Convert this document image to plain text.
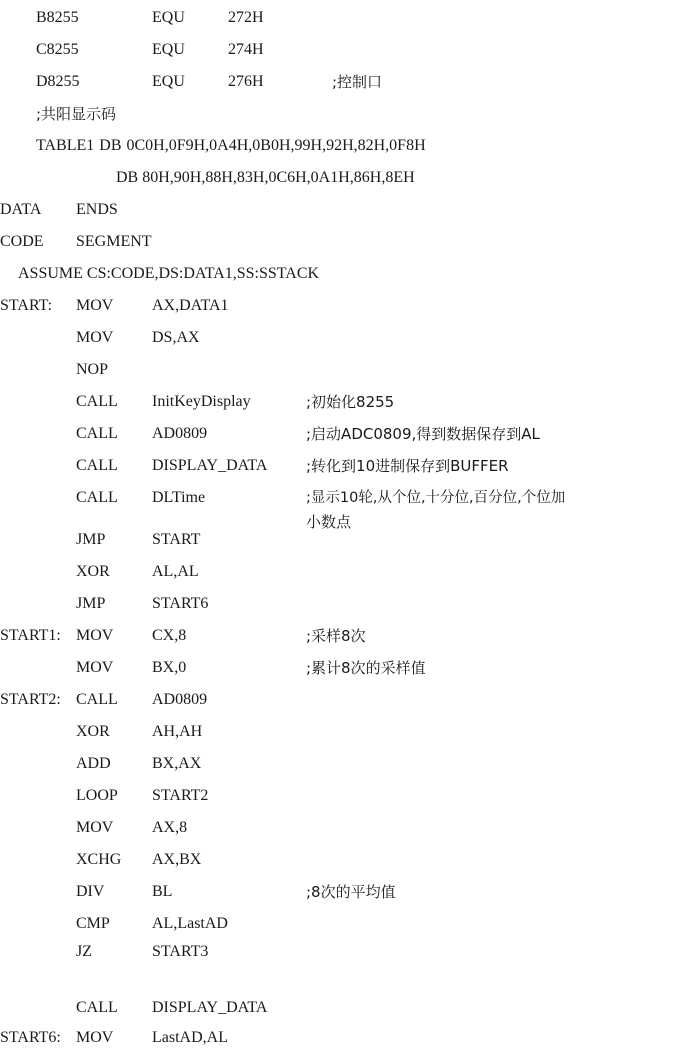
B8255	EQU	272H
C8255	EQU	274H
D8255	EQU	276H	;控制口
;共阳显示码
TABLE1 DB 0C0H,0F9H,0A4H,0B0H,99H,92H,82H,0F8H
DB 80H,90H,88H,83H,0C6H,0A1H,86H,8EH
DATA ENDS
CODE SEGMENT
ASSUME CS:CODE,DS:DATA1,SS:SSTACK
START: MOV AX,DATA1
MOV DS,AX
NOP
CALL InitKeyDisplay	;初始化8255
CALL AD0809	;启动ADC0809,得到数据保存到AL
CALL DISPLAY_DATA	;转化到10进制保存到BUFFER
CALL DLTime	;显示10轮,从个位,十分位,百分位,个位加
小数点
JMP	START
XOR	AL,AL
JMP	START6
START1: MOV CX,8	;采样8次
MOV BX,0	;累计8次的采样值
START2: CALL AD0809
XOR	AH,AH
ADD	BX,AX
LOOP START2
MOV AX,8
XCHG AX,BX
DIV	BL	;8次的平均值
CMP	AL,LastAD
JZ	START3
START6: MOV LastAD,AL
CALL DISPLAY_DATA
